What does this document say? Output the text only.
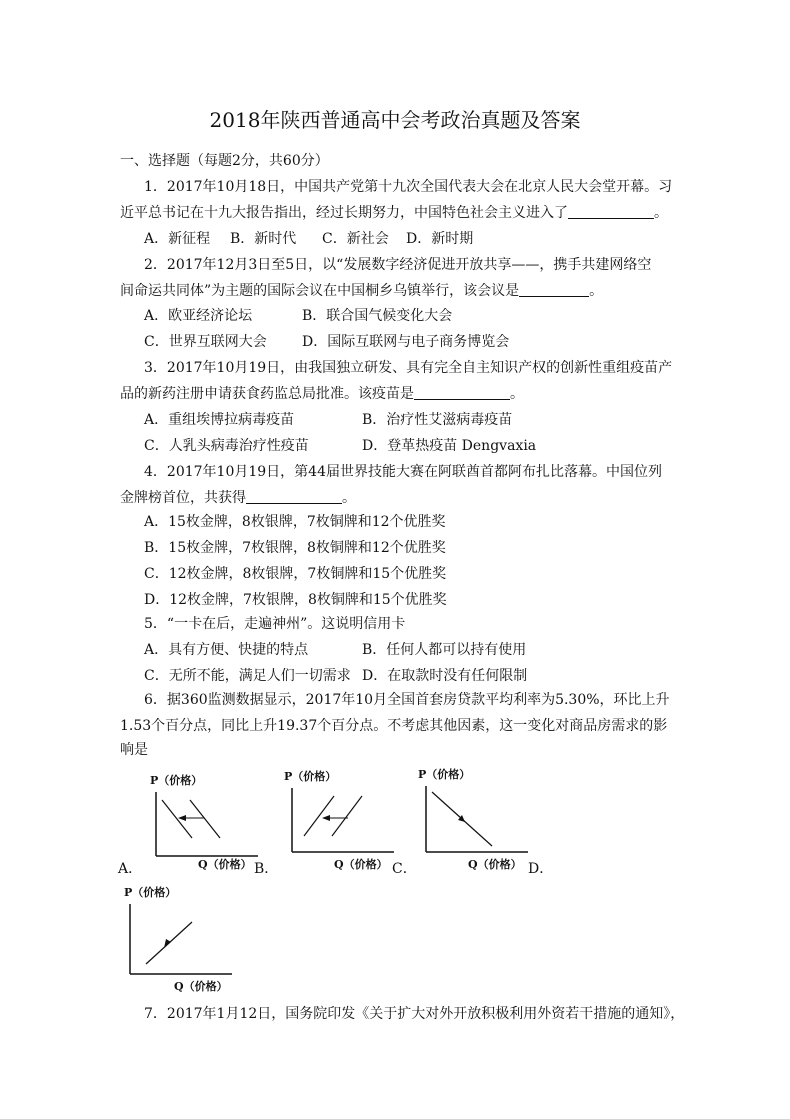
2018年陕西普通高中会考政治真题及答案
一、选择题（每题2分，共60分）
1．2017年10月18日，中国共产党第十九次全国代表大会在北京人民大会堂开幕。习
近平总书记在十九大报告指出，经过长期努力，中国特色社会主义进入了	。
A．新征程 B．新时代 C．新社会 D．新时期
2．2017年12月3日至5日，以“发展数字经济促进开放共享——，携手共建网络空
间命运共同体”为主题的国际会议在中国桐乡乌镇举行，该会议是	。
A．欧亚经济论坛	B．联合国气候变化大会
C．世界互联网大会	D．国际互联网与电子商务博览会
3．2017年10月19日，由我国独立研发、具有完全自主知识产权的创新性重组疫苗产
品的新药注册申请获食药监总局批准。该疫苗是	。
A．重组埃博拉病毒疫苗	B．治疗性艾滋病毒疫苗
C．人乳头病毒治疗性疫苗	D．登革热疫苗 Dengvaxia
4．2017年10月19日，第44届世界技能大赛在阿联酋首都阿布扎比落幕。中国位列
金牌榜首位，共获得	。
A．15枚金牌，8枚银牌，7枚铜牌和12个优胜奖
B．15枚金牌，7枚银牌，8枚铜牌和12个优胜奖
C．12枚金牌，8枚银牌，7枚铜牌和15个优胜奖
D．12枚金牌，7枚银牌，8枚铜牌和15个优胜奖
5．“一卡在后，走遍神州”。这说明信用卡
A．具有方便、快捷的特点	B．任何人都可以持有使用
C．无所不能，满足人们一切需求 D．在取款时没有任何限制
6．据360监测数据显示，2017年10月全国首套房贷款平均利率为5.30%，环比上升
1.53个百分点，同比上升19.37个百分点。不考虑其他因素，这一变化对商品房需求的影
响是
P（价格）
Q（价格）
A．
P（价格）
Q（价格）
B．
P（价格）
Q（价格）
C．	D．
P（价格）
Q（价格）
7．2017年1月12日，国务院印发《关于扩大对外开放积极利用外资若干措施的通知》，
